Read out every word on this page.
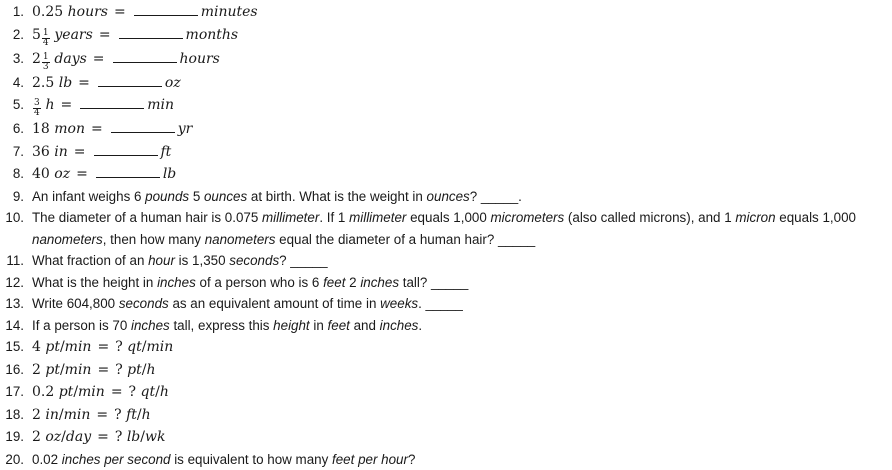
1. 0.25 hours =	minutes
2. $5 \frac{1}{4}$ years =	months
3. $2 \frac{1}{3}$ days =	hours
4. 2.5 lb =	oz
5. $\frac{3}{4}$ h =	min
6. 18 mon =	yr
7. 36 in =	ft
8. 40 oz =	lb
9. An infant weighs 6 pounds 5 ounces at birth. What is the weight in ounces? _____.
10. The diameter of a human hair is 0.075 millimeter. If 1 millimeter equals 1,000 micrometers (also called microns), and 1 micron equals 1,000 nanometers, then how many nanometers equal the diameter of a human hair? _____
11. What fraction of an hour is 1,350 seconds? _____
12. What is the height in inches of a person who is 6 feet 2 inches tall? _____
13. Write 604,800 seconds as an equivalent amount of time in weeks. _____
14. If a person is 70 inches tall, express this height in feet and inches.
15. 4 pt/min = ? qt/min
16. 2 pt/min = ? pt/h
17. 0.2 pt/min = ? qt/h
18. 2 in/min = ? ft/h
19. 2 oz/day = ? lb/wk
20. 0.02 inches per second is equivalent to how many feet per hour?
